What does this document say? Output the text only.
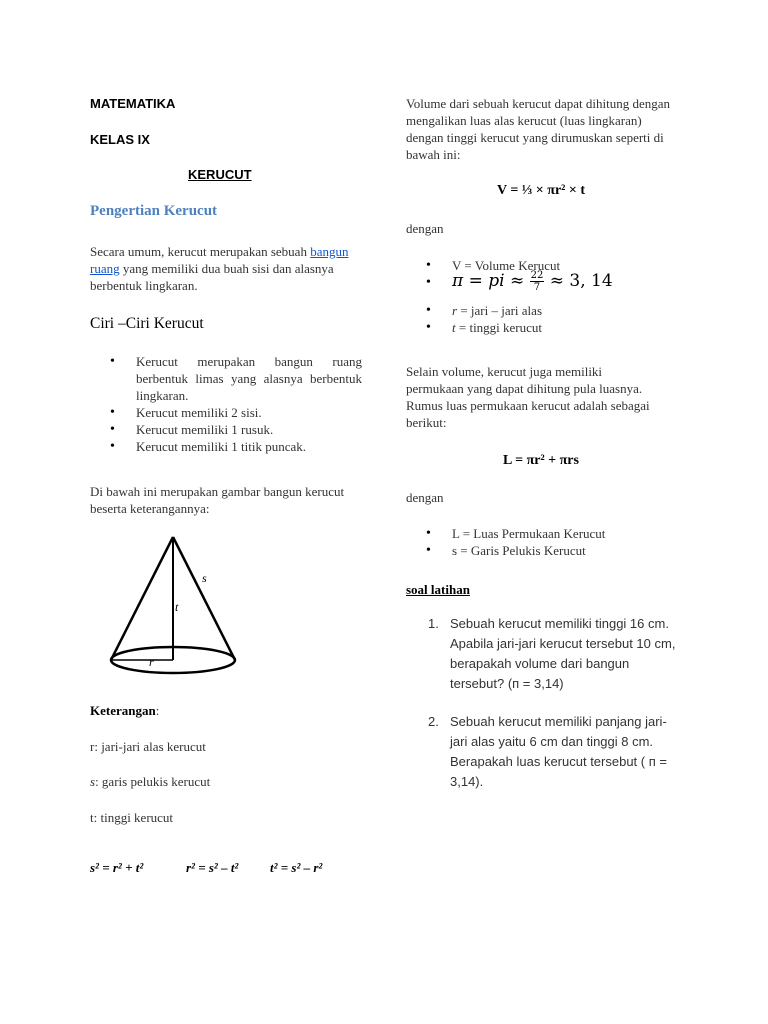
MATEMATIKA
KELAS IX
KERUCUT
Pengertian Kerucut
Secara umum, kerucut merupakan sebuah bangun ruang yang memiliki dua buah sisi dan alasnya berbentuk lingkaran.
Ciri –Ciri Kerucut
• Kerucut merupakan bangun ruang berbentuk limas yang alasnya berbentuk lingkaran.
• Kerucut memiliki 2 sisi.
• Kerucut memiliki 1 rusuk.
• Kerucut memiliki 1 titik puncak.
Di bawah ini merupakan gambar bangun kerucut beserta keterangannya:
s
t
r
Keterangan:
r: jari-jari alas kerucut
s: garis pelukis kerucut
t: tinggi kerucut
s² = r² + t²	r² = s² – t² t² = s² – r²
Volume dari sebuah kerucut dapat dihitung dengan mengalikan luas alas kerucut (luas lingkaran) dengan tinggi kerucut yang dirumuskan seperti di bawah ini:
V = ⅓ × πr² × t
dengan
• V = Volume Kerucut
• π = pi ≈ $\frac{22}{7} \approx 3$, 14
• r = jari – jari alas
• t = tinggi kerucut
Selain volume, kerucut juga memiliki permukaan yang dapat dihitung pula luasnya. Rumus luas permukaan kerucut adalah sebagai berikut:
L = πr² + πrs
dengan
• L = Luas Permukaan Kerucut
• s = Garis Pelukis Kerucut
soal latihan
1. Sebuah kerucut memiliki tinggi 16 cm. Apabila jari-jari kerucut tersebut 10 cm, berapakah volume dari bangun tersebut? (п = 3,14)
2. Sebuah kerucut memiliki panjang jari-jari alas yaitu 6 cm dan tinggi 8 cm. Berapakah luas kerucut tersebut ( п = 3,14).
